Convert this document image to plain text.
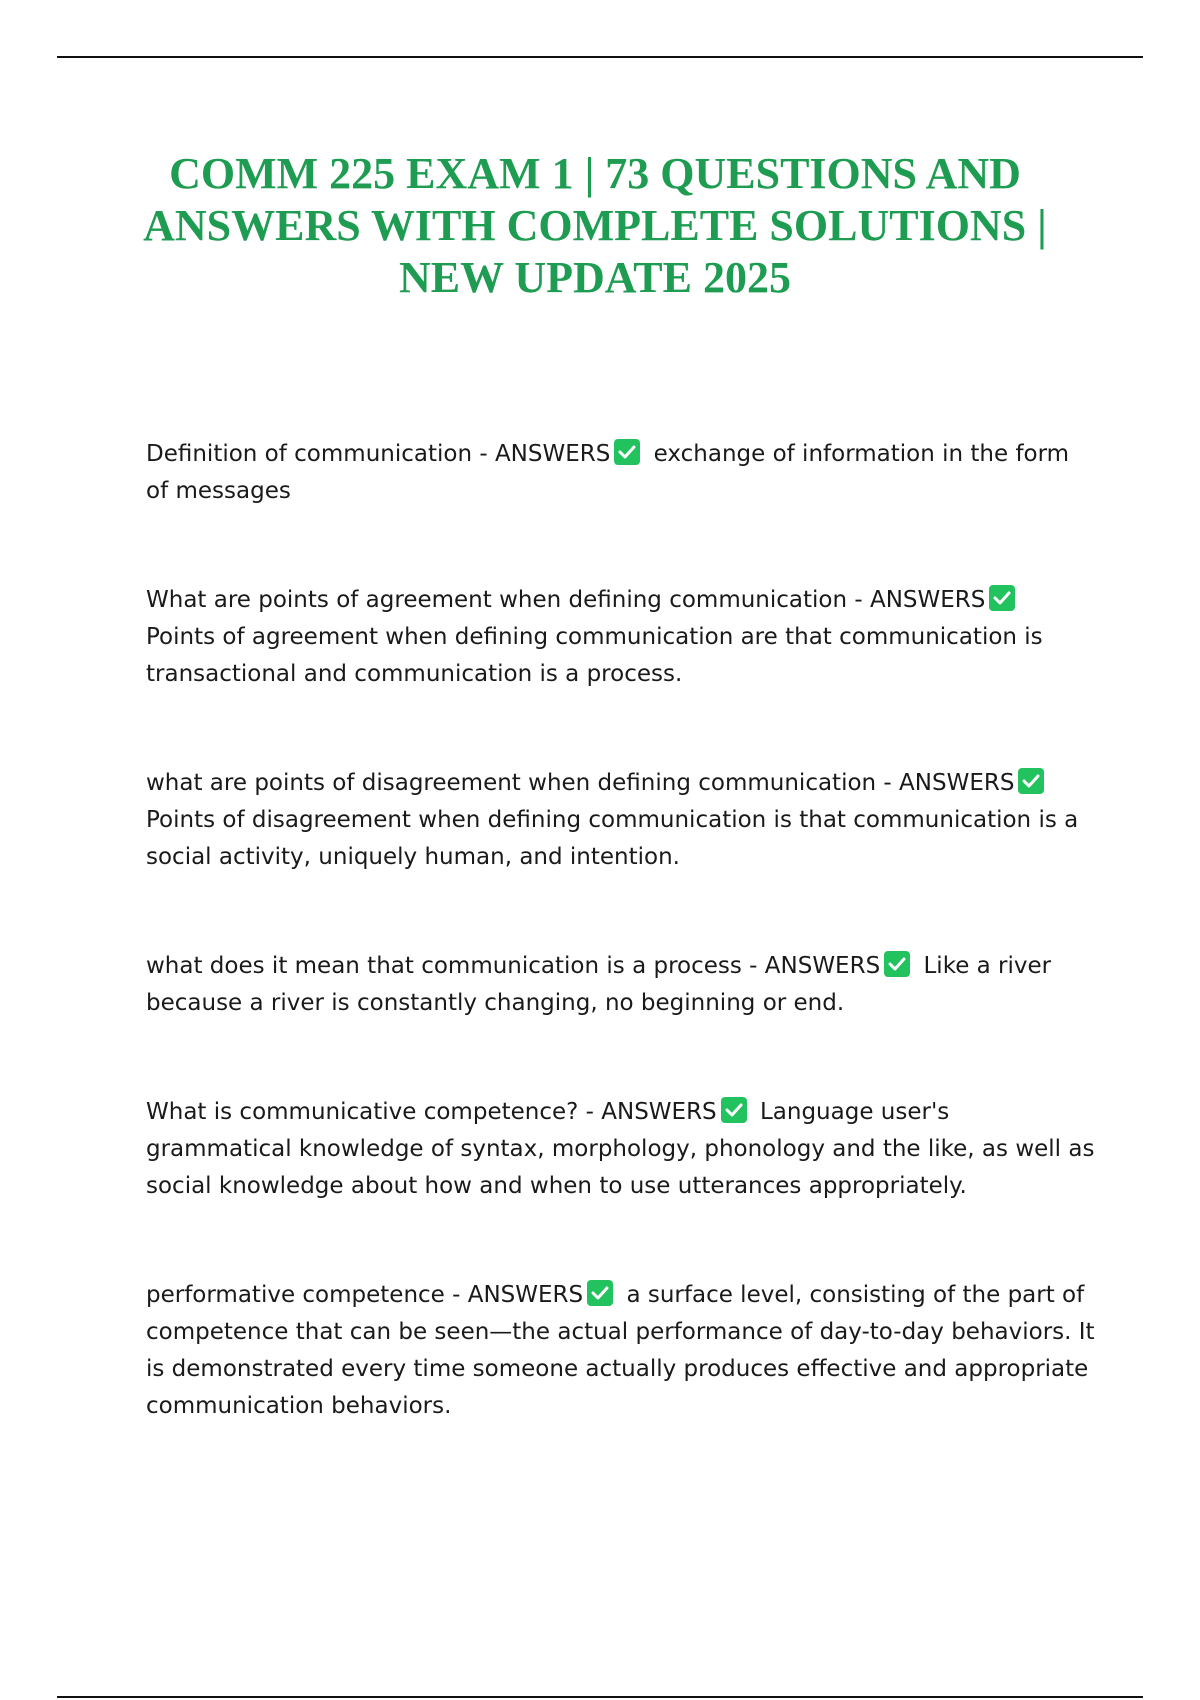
COMM 225 EXAM 1 | 73 QUESTIONS AND ANSWERS WITH COMPLETE SOLUTIONS | NEW UPDATE 2025
Definition of communication - ANSWERS exchange of information in the form of messages
What are points of agreement when defining communication - ANSWERS
Points of agreement when defining communication are that communication is transactional and communication is a process.
what are points of disagreement when defining communication - ANSWERS
Points of disagreement when defining communication is that communication is a social activity, uniquely human, and intention.
what does it mean that communication is a process - ANSWERS Like a river because a river is constantly changing, no beginning or end.
What is communicative competence? - ANSWERS Language user's grammatical knowledge of syntax, morphology, phonology and the like, as well as social knowledge about how and when to use utterances appropriately.
performative competence - ANSWERS a surface level, consisting of the part of competence that can be seen—the actual performance of day-to-day behaviors. It is demonstrated every time someone actually produces effective and appropriate communication behaviors.
